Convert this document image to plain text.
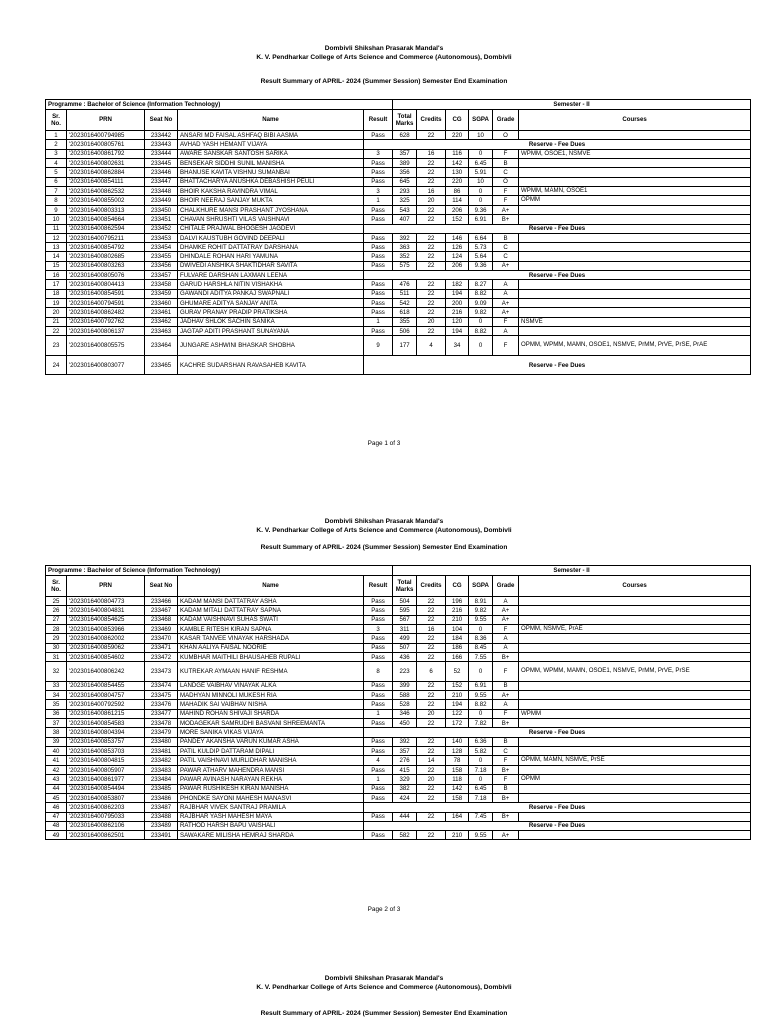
Dombivli Shikshan Prasarak Mandal's
K. V. Pendharkar College of Arts Science and Commerce (Autonomous), Dombivli
Result Summary of APRIL- 2024 (Summer Session) Semester End Examination
Programme : Bachelor of Science (Information Technology)					Semester - II					
Sr. No.	PRN	Seat No	Name	Result	Total Marks	Credits	CG	SGPA	Grade	Courses
1	'2023016400794985	233442	ANSARI MD FAISAL ASHFAQ BIBI AASMA	Pass	628	22	220	10	O	
2	'2023016400805761	233443	AVHAD YASH HEMANT VIJAYA	Reserve - Fee Dues						
3	'2023016400861792	233444	AWARE SANSKAR SANTOSH SARIKA	3	357	16	116	0	F	WPMM, OSOE1, NSMVE
4	'2023016400802631	233445	BENSEKAR SIDDHI SUNIL MANISHA	Pass	389	22	142	6.45	B	
5	'2023016400862884	233446	BHANUSE KAVITA VISHNU SUMANBAI	Pass	356	22	130	5.91	C	
6	'2023016400854111	233447	BHATTACHARYA ANUSHKA DEBASHISH PEULI	Pass	645	22	220	10	O	
7	'2023016400862532	233448	BHOIR KAKSHA RAVINDRA VIMAL	3	293	16	86	0	F	WPMM, MAMN, OSOE1
8	'2023016400855002	233449	BHOIR NEERAJ SANJAY MUKTA	1	325	20	114	0	F	OPMM
9	'2023016400803313	233450	CHALKHURE MANSI PRASHANT JYOSHANA	Pass	543	22	206	9.36	A+	
10	'2023016400854664	233451	CHAVAN SHRUSHTI VILAS VAISHNAVI	Pass	407	22	152	6.91	B+	
11	'2023016400862594	233452	CHITALE PRAJWAL BHOGESH JAGDEVI	Reserve - Fee Dues						
12	'2023016400795211	233453	DALVI KAUSTUBH GOVIND DEEPALI	Pass	392	22	146	6.64	B	
13	'2023016400854792	233454	DHAMKE ROHIT DATTATRAY DARSHANA	Pass	363	22	126	5.73	C	
14	'2023016400802685	233455	DHINDALE ROHAN HARI YAMUNA	Pass	352	22	124	5.64	C	
15	'2023016400803263	233456	DWIVEDI ANSHIKA SHAKTIDHAR SAVITA	Pass	575	22	206	9.36	A+	
16	'2023016400805076	233457	FULVARE DARSHAN LAXMAN LEENA	Reserve - Fee Dues						
17	'2023016400804413	233458	GARUD HARSHLA NITIN VISHAKHA	Pass	476	22	182	8.27	A	
18	'2023016400854591	233459	GAWANDI ADITYA PANKAJ SWAPNALI	Pass	511	22	194	8.82	A	
19	'2023016400794591	233460	GHUMARE ADITYA SANJAY ANITA	Pass	542	22	200	9.09	A+	
20	'2023016400862482	233461	GURAV PRANAY PRADIP PRATIKSHA	Pass	618	22	216	9.82	A+	
21	'2023016400792762	233462	JADHAV SHLOK SACHIN SANIKA	1	355	20	120	0	F	NSMVE
22	'2023016400806137	233463	JAGTAP ADITI PRASHANT SUNAYANA	Pass	506	22	194	8.82	A	
23	'2023016400805575	233464	JUNGARE ASHWINI BHASKAR SHOBHA	9	177	4	34	0	F	OPMM, WPMM, MAMN, OSOE1, NSMVE, PrMM, PrVE, PrSE, PrAE
24	'2023016400803077	233465	KACHRE SUDARSHAN RAVASAHEB KAVITA	Reserve - Fee Dues						
Page 1 of 3
Dombivli Shikshan Prasarak Mandal's
K. V. Pendharkar College of Arts Science and Commerce (Autonomous), Dombivli
Result Summary of APRIL- 2024 (Summer Session) Semester End Examination
Programme : Bachelor of Science (Information Technology)					Semester - II					
Sr. No.	PRN	Seat No	Name	Result	Total Marks	Credits	CG	SGPA	Grade	Courses
25	'2023016400804773	233466	KADAM MANSI DATTATRAY ASHA	Pass	504	22	196	8.91	A	
26	'2023016400804831	233467	KADAM MITALI DATTATRAY SAPNA	Pass	595	22	216	9.82	A+	
27	'2023016400854625	233468	KADAM VAISHNAVI SUHAS SWATI	Pass	567	22	210	9.55	A+	
28	'2023016400853966	233469	KAMBLE RITESH KIRAN SAPNA	3	311	16	104	0	F	OPMM, NSMVE, PrAE
29	'2023016400862002	233470	KASAR TANVEE VINAYAK HARSHADA	Pass	499	22	184	8.36	A	
30	'2023016400859062	233471	KHAN AALIYA FAISAL NOORIE	Pass	507	22	186	8.45	A	
31	'2023016400854602	233472	KUMBHAR MAITHILI BHAUSAHEB RUPALI	Pass	436	22	166	7.55	B+	
32	'2023016400806242	233473	KUTREKAR AYMAAN HANIF RESHMA	8	223	6	52	0	F	OPMM, WPMM, MAMN, OSOE1, NSMVE, PrMM, PrVE, PrSE
33	'2023016400854455	233474	LANDGE VAIBHAV VINAYAK ALKA	Pass	399	22	152	6.91	B	
34	'2023016400804757	233475	MADHYAN MINNOLI MUKESH RIA	Pass	588	22	210	9.55	A+	
35	'2023016400792592	233476	MAHADIK SAI VAIBHAV NISHA	Pass	528	22	194	8.82	A	
36	'2023016400861215	233477	MAHIND ROHAN SHIVAJI SHARDA	1	346	20	122	0	F	WPMM
37	'2023016400854583	233478	MODAGEKAR SAMRUDHI BASVANI SHREEMANTA	Pass	450	22	172	7.82	B+	
38	'2023016400804394	233479	MORE SANIKA VIKAS VIJAYA	Reserve - Fee Dues						
39	'2023016400853757	233480	PANDEY AKANSHA VARUN KUMAR ASHA	Pass	392	22	140	6.36	B	
40	'2023016400853703	233481	PATIL KULDIP DATTARAM DIPALI	Pass	357	22	128	5.82	C	
41	'2023016400804815	233482	PATIL VAISHNAVI MURLIDHAR MANISHA	4	276	14	78	0	F	OPMM, MAMN, NSMVE, PrSE
42	'2023016400805907	233483	PAWAR ATHARV MAHENDRA MANSI	Pass	415	22	158	7.18	B+	
43	'2023016400861977	233484	PAWAR AVINASH NARAYAN REKHA	1	329	20	118	0	F	OPMM
44	'2023016400854494	233485	PAWAR RUSHIKESH KIRAN MANISHA	Pass	382	22	142	6.45	B	
45	'2023016400853807	233486	PHONDKE SAYONI MAHESH MANASVI	Pass	424	22	158	7.18	B+	
46	'2023016400862203	233487	RAJBHAR VIVEK SANTRAJ PRAMILA	Reserve - Fee Dues						
47	'2023016400795033	233488	RAJBHAR YASH MAHESH MAYA	Pass	444	22	164	7.45	B+	
48	'2023016400862106	233489	RATHOD HARSH BAPU VAISHALI	Reserve - Fee Dues						
49	'2023016400862501	233491	SAWAKARE MILISHA HEMRAJ SHARDA	Pass	582	22	210	9.55	A+	
Page 2 of 3
Dombivli Shikshan Prasarak Mandal's
K. V. Pendharkar College of Arts Science and Commerce (Autonomous), Dombivli
Result Summary of APRIL- 2024 (Summer Session) Semester End Examination
